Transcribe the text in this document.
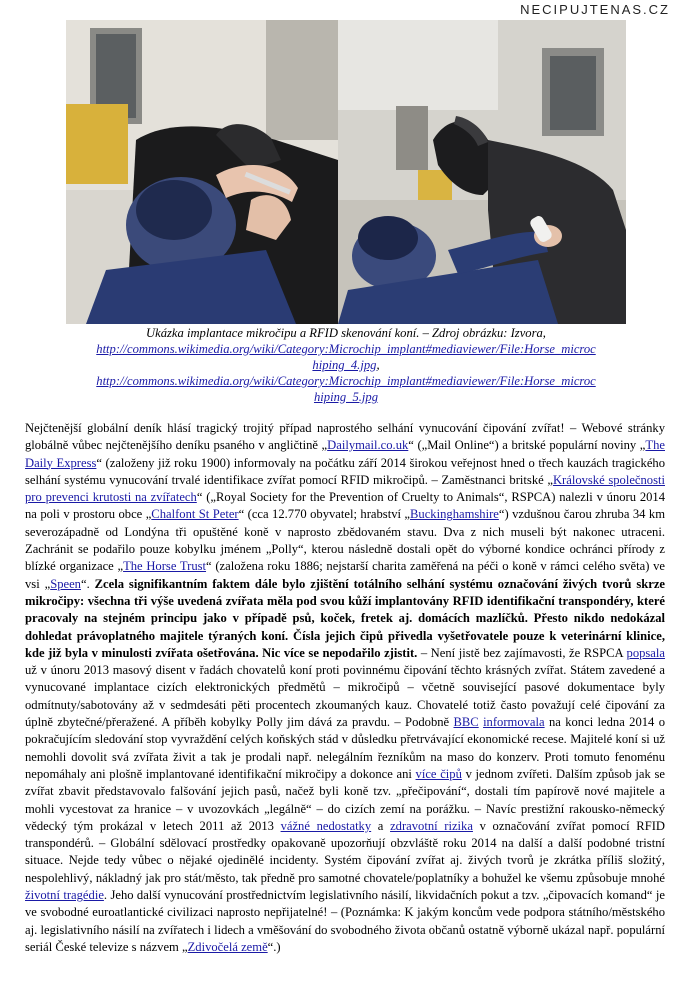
NECIPUJTENAS.CZ
Ukázka implantace mikročipu a RFID skenování koní. – Zdroj obrázku: Izvora,
http://commons.wikimedia.org/wiki/Category:Microchip_implant#mediaviewer/File:Horse_microc
hiping_4.jpg,
http://commons.wikimedia.org/wiki/Category:Microchip_implant#mediaviewer/File:Horse_microc
hiping_5.jpg
Nejčtenější globální deník hlásí tragický trojitý případ naprostého selhání vynucování čipování zvířat! – Webové stránky globálně vůbec nejčtenějšího deníku psaného v angličtině „Dailymail.co.uk“ („Mail Online“) a britské populární noviny „The Daily Express“ (založeny již roku 1900) informovaly na počátku září 2014 širokou veřejnost hned o třech kauzách tragického selhání systému vynucování trvalé identifikace zvířat pomocí RFID mikročipů. – Zaměstnanci britské „Královské společnosti pro prevenci krutosti na zvířatech“ („Royal Society for the Prevention of Cruelty to Animals“, RSPCA) nalezli v únoru 2014 na poli v prostoru obce „Chalfont St Peter“ (cca 12.770 obyvatel; hrabství „Buckinghamshire“) vzdušnou čarou zhruba 34 km severozápadně od Londýna tři opuštěné koně v naprosto zbědovaném stavu. Dva z nich museli být nakonec utraceni. Zachránit se podařilo pouze kobylku jménem „Polly“, kterou následně dostali opět do výborné kondice ochránci přírody z blízké organizace „The Horse Trust“ (založena roku 1886; nejstarší charita zaměřená na péči o koně v rámci celého světa) ve vsi „Speen“. Zcela signifikantním faktem dále bylo zjištění totálního selhání systému označování živých tvorů skrze mikročipy: všechna tři výše uvedená zvířata měla pod svou kůží implantovány RFID identifikační transpondéry, které pracovaly na stejném principu jako v případě psů, koček, fretek aj. domácích mazlíčků. Přesto nikdo nedokázal dohledat právoplatného majitele týraných koní. Čísla jejich čipů přivedla vyšetřovatele pouze k veterinární klinice, kde již byla v minulosti zvířata ošetřována. Nic více se nepodařilo zjistit. – Není jistě bez zajímavosti, že RSPCA popsala už v únoru 2013 masový disent v řadách chovatelů koní proti povinnému čipování těchto krásných zvířat. Státem zavedené a vynucované implantace cizích elektronických předmětů – mikročipů – včetně související pasové dokumentace byly odmítnuty/sabotovány až v sedmdesáti pěti procentech zkoumaných kauz. Chovatelé totiž často považují celé čipování za úplně zbytečné/přeražené. A příběh kobylky Polly jim dává za pravdu. – Podobně BBC informovala na konci ledna 2014 o pokračujícím sledování stop vyvraždění celých koňských stád v důsledku přetrvávající ekonomické recese. Majitelé koní si už nemohli dovolit svá zvířata živit a tak je prodali např. nelegálním řezníkům na maso do konzerv. Proti tomuto fenoménu nepomáhaly ani plošně implantované identifikační mikročipy a dokonce ani více čipů v jednom zvířeti. Dalším způsob jak se zvířat zbavit představovalo falšování jejich pasů, načež byli koně tzv. „přečipování“, dostali tím papírově nové majitele a mohli vycestovat za hranice – v uvozovkách „legálně“ – do cizích zemí na porážku. – Navíc prestižní rakousko-německý vědecký tým prokázal v letech 2011 až 2013 vážné nedostatky a zdravotní rizika v označování zvířat pomocí RFID transpondérů. – Globální sdělovací prostředky opakovaně upozorňují obzvláště roku 2014 na další a další podobné tristní situace. Nejde tedy vůbec o nějaké ojedinělé incidenty. Systém čipování zvířat aj. živých tvorů je zkrátka příliš složitý, nespolehlivý, nákladný jak pro stát/město, tak předně pro samotné chovatele/poplatníky a bohužel ke všemu způsobuje mnohé životní tragédie. Jeho další vynucování prostřednictvím legislativního násilí, likvidačních pokut a tzv. „čipovacích komand“ je ve svobodné euroatlantické civilizaci naprosto nepřijatelné! – (Poznámka: K jakým koncům vede podpora státního/městského aj. legislativního násilí na zvířatech i lidech a vměšování do svobodného života občanů ostatně výborně ukázal např. populární seriál České televize s názvem „Zdivočelá země“.)
